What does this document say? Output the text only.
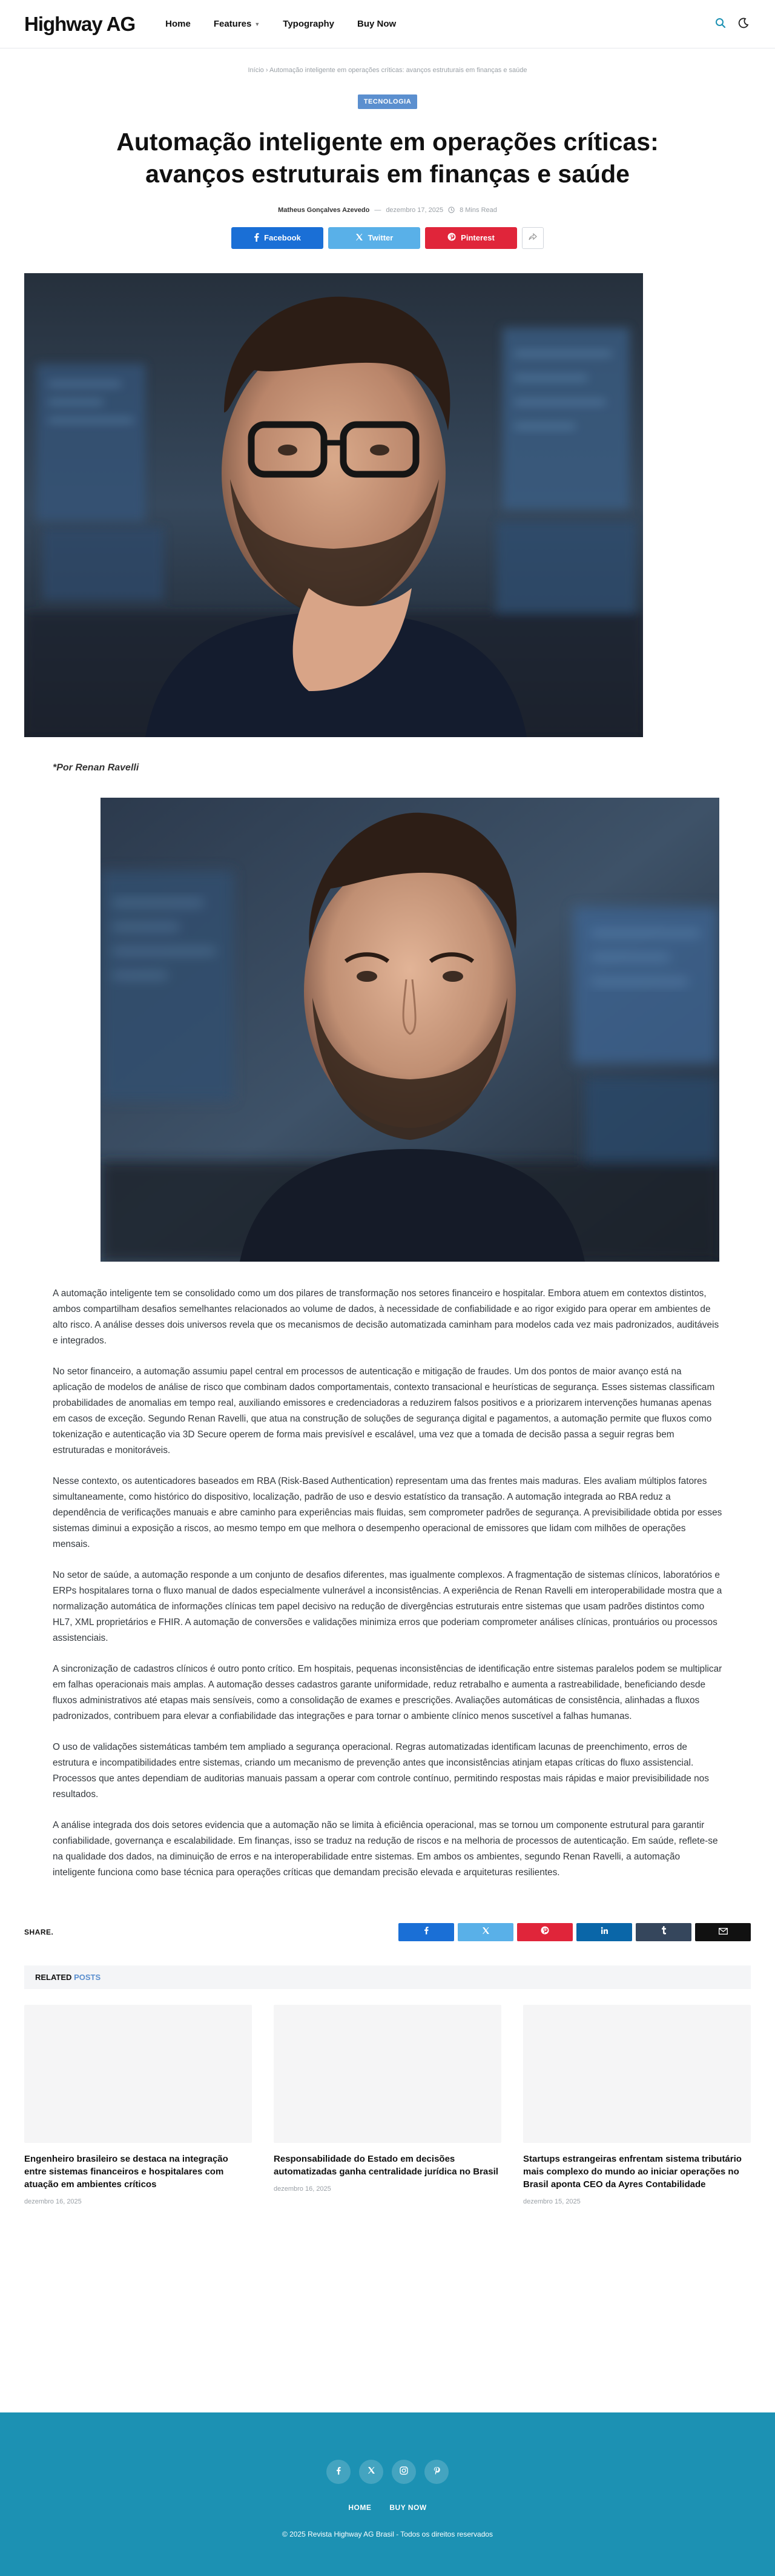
Highway AG	Home	Features ▼	Typography	Buy Now
Início › Automação inteligente em operações críticas: avanços estruturais em finanças e saúde
TECNOLOGIA
Automação inteligente em operações críticas: avanços estruturais em finanças e saúde
Matheus Gonçalves Azevedo — dezembro 17, 2025 8 Mins Read
Facebook	Twitter	Pinterest
*Por Renan Ravelli

A automação inteligente tem se consolidado como um dos pilares de transformação nos setores financeiro e hospitalar. Embora atuem em contextos distintos, ambos compartilham desafios semelhantes relacionados ao volume de dados, à necessidade de confiabilidade e ao rigor exigido para operar em ambientes de alto risco. A análise desses dois universos revela que os mecanismos de decisão automatizada caminham para modelos cada vez mais padronizados, auditáveis e integrados.

No setor financeiro, a automação assumiu papel central em processos de autenticação e mitigação de fraudes. Um dos pontos de maior avanço está na aplicação de modelos de análise de risco que combinam dados comportamentais, contexto transacional e heurísticas de segurança. Esses sistemas classificam probabilidades de anomalias em tempo real, auxiliando emissores e credenciadoras a reduzirem falsos positivos e a priorizarem intervenções humanas apenas em casos de exceção. Segundo Renan Ravelli, que atua na construção de soluções de segurança digital e pagamentos, a automação permite que fluxos como tokenização e autenticação via 3D Secure operem de forma mais previsível e escalável, uma vez que a tomada de decisão passa a seguir regras bem estruturadas e monitoráveis.

Nesse contexto, os autenticadores baseados em RBA (Risk-Based Authentication) representam uma das frentes mais maduras. Eles avaliam múltiplos fatores simultaneamente, como histórico do dispositivo, localização, padrão de uso e desvio estatístico da transação. A automação integrada ao RBA reduz a dependência de verificações manuais e abre caminho para experiências mais fluidas, sem comprometer padrões de segurança. A previsibilidade obtida por esses sistemas diminui a exposição a riscos, ao mesmo tempo em que melhora o desempenho operacional de emissores que lidam com milhões de operações mensais.

No setor de saúde, a automação responde a um conjunto de desafios diferentes, mas igualmente complexos. A fragmentação de sistemas clínicos, laboratórios e ERPs hospitalares torna o fluxo manual de dados especialmente vulnerável a inconsistências. A experiência de Renan Ravelli em interoperabilidade mostra que a normalização automática de informações clínicas tem papel decisivo na redução de divergências estruturais entre sistemas que usam padrões distintos como HL7, XML proprietários e FHIR. A automação de conversões e validações minimiza erros que poderiam comprometer análises clínicas, prontuários ou processos assistenciais.

A sincronização de cadastros clínicos é outro ponto crítico. Em hospitais, pequenas inconsistências de identificação entre sistemas paralelos podem se multiplicar em falhas operacionais mais amplas. A automação desses cadastros garante uniformidade, reduz retrabalho e aumenta a rastreabilidade, beneficiando desde fluxos administrativos até etapas mais sensíveis, como a consolidação de exames e prescrições. Avaliações automáticas de consistência, alinhadas a fluxos padronizados, contribuem para elevar a confiabilidade das integrações e para tornar o ambiente clínico menos suscetível a falhas humanas.

O uso de validações sistemáticas também tem ampliado a segurança operacional. Regras automatizadas identificam lacunas de preenchimento, erros de estrutura e incompatibilidades entre sistemas, criando um mecanismo de prevenção antes que inconsistências atinjam etapas críticas do fluxo assistencial. Processos que antes dependiam de auditorias manuais passam a operar com controle contínuo, permitindo respostas mais rápidas e maior previsibilidade nos resultados.

A análise integrada dos dois setores evidencia que a automação não se limita à eficiência operacional, mas se tornou um componente estrutural para garantir confiabilidade, governança e escalabilidade. Em finanças, isso se traduz na redução de riscos e na melhoria de processos de autenticação. Em saúde, reflete-se na qualidade dos dados, na diminuição de erros e na interoperabilidade entre sistemas. Em ambos os ambientes, segundo Renan Ravelli, a automação inteligente funciona como base técnica para operações críticas que demandam precisão elevada e arquiteturas resilientes.

SHARE.
RELATED POSTS
Engenheiro brasileiro se destaca na integração entre sistemas financeiros e hospitalares com atuação em ambientes críticos
dezembro 16, 2025
Responsabilidade do Estado em decisões automatizadas ganha centralidade jurídica no Brasil
dezembro 16, 2025
Startups estrangeiras enfrentam sistema tributário mais complexo do mundo ao iniciar operações no Brasil aponta CEO da Ayres Contabilidade
dezembro 15, 2025
HOME	BUY NOW
© 2025 Revista Highway AG Brasil - Todos os direitos reservados
